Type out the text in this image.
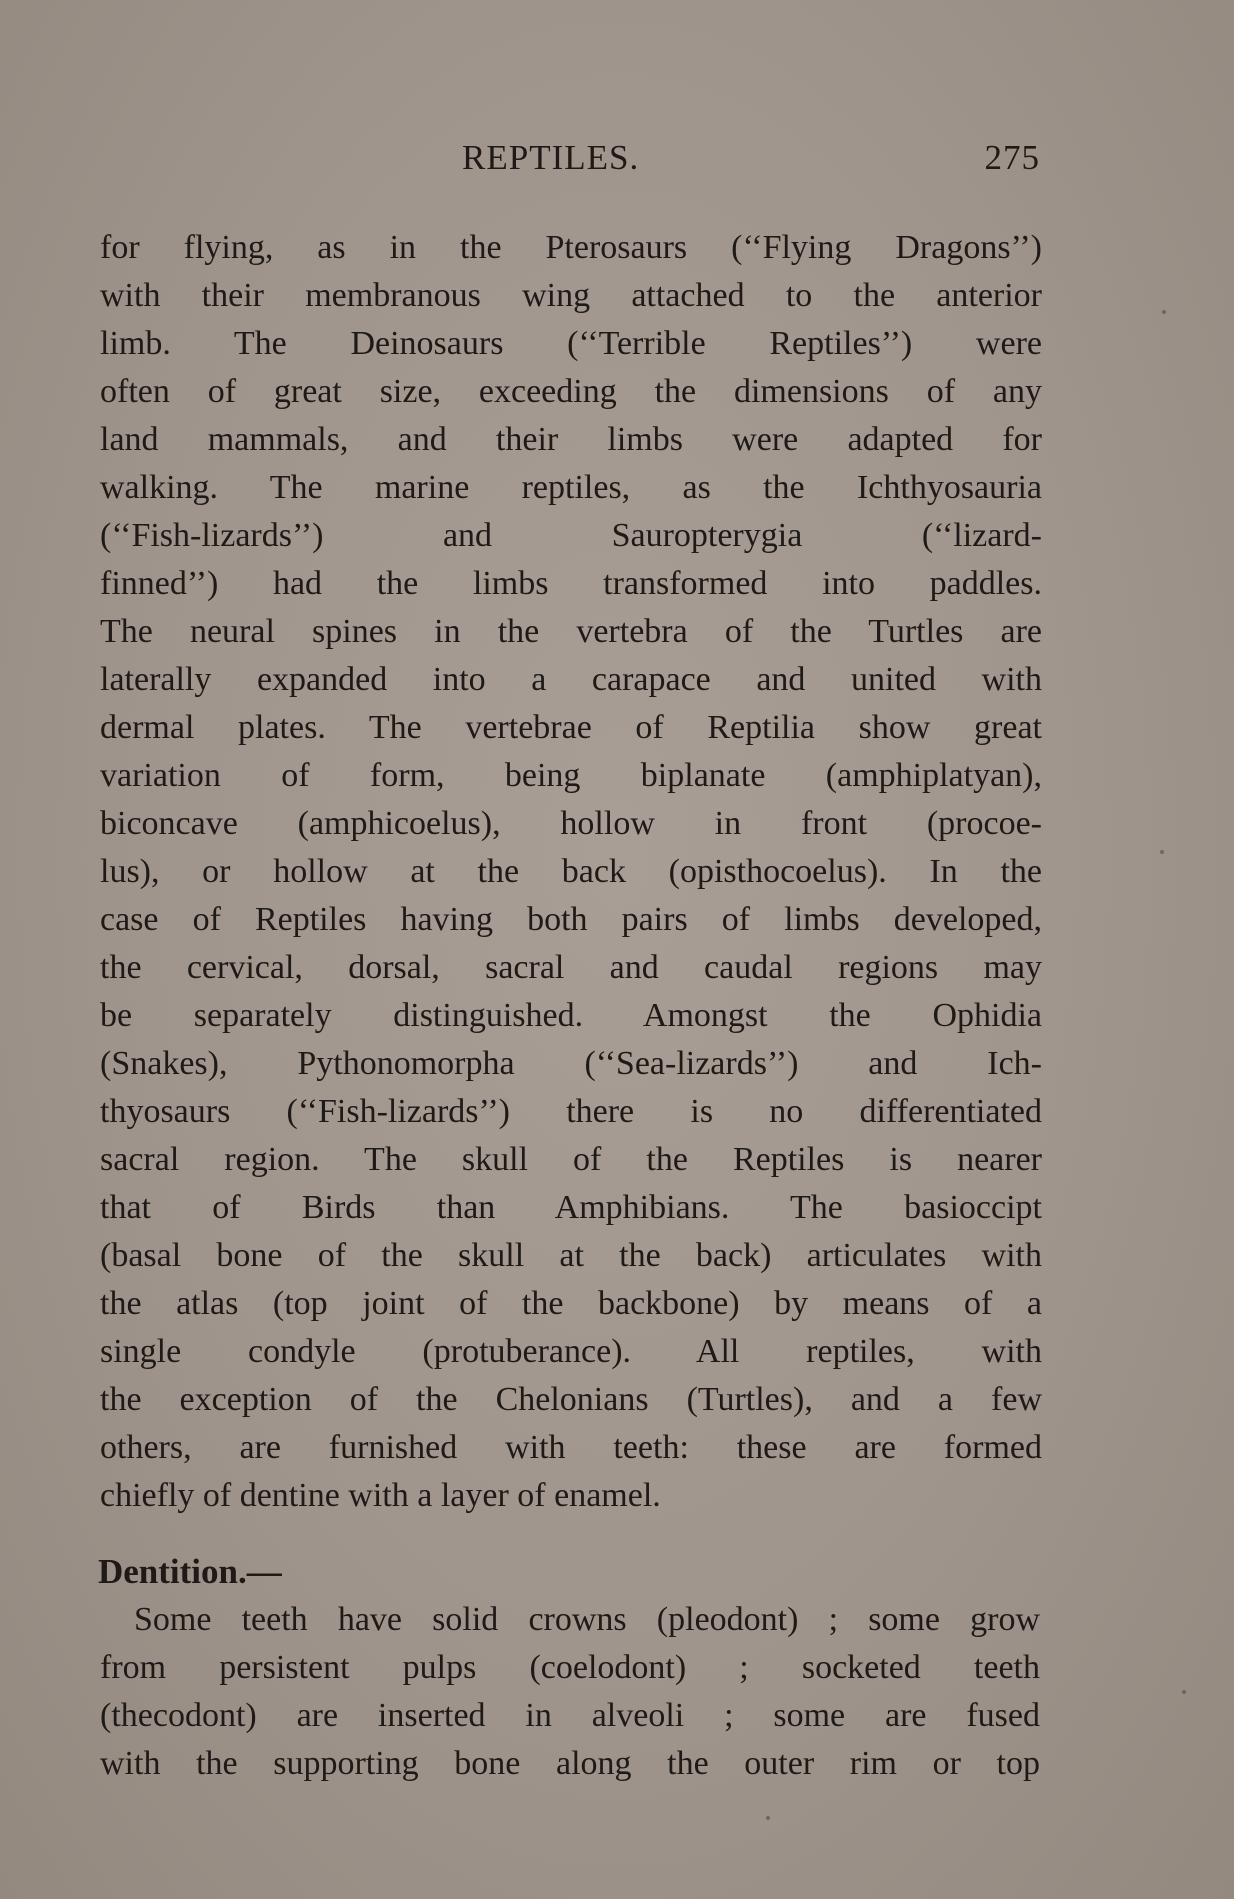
REPTILES.	275
for flying, as in the Pterosaurs (‘‘Flying Dragons’’)
with their membranous wing attached to the anterior
limb. The Deinosaurs (‘‘Terrible Reptiles’’) were
often of great size, exceeding the dimensions of any
land mammals, and their limbs were adapted for
walking. The marine reptiles, as the Ichthyosauria
(‘‘Fish-lizards’’) and Sauropterygia (‘‘lizard-
finned’’) had the limbs transformed into paddles.
The neural spines in the vertebra of the Turtles are
laterally expanded into a carapace and united with
dermal plates. The vertebrae of Reptilia show great
variation of form, being biplanate (amphiplatyan),
biconcave (amphicoelus), hollow in front (procoe-
lus), or hollow at the back (opisthocoelus). In the
case of Reptiles having both pairs of limbs developed,
the cervical, dorsal, sacral and caudal regions may
be separately distinguished. Amongst the Ophidia
(Snakes), Pythonomorpha (‘‘Sea-lizards’’) and Ich-
thyosaurs (‘‘Fish-lizards’’) there is no differentiated
sacral region. The skull of the Reptiles is nearer
that of Birds than Amphibians. The basioccipt
(basal bone of the skull at the back) articulates with
the atlas (top joint of the backbone) by means of a
single condyle (protuberance). All reptiles, with
the exception of the Chelonians (Turtles), and a few
others, are furnished with teeth: these are formed
chiefly of dentine with a layer of enamel.
Dentition.—
Some teeth have solid crowns (pleodont) ; some grow
from persistent pulps (coelodont) ; socketed teeth
(thecodont) are inserted in alveoli ; some are fused
with the supporting bone along the outer rim or top
